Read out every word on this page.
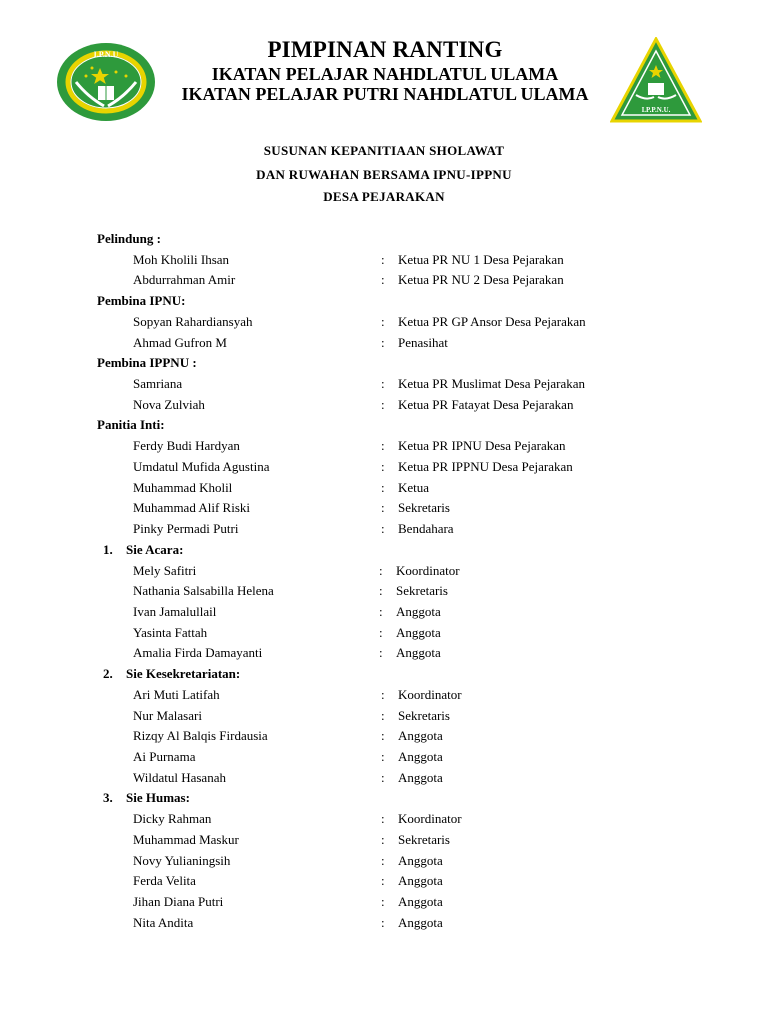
I.P.N.U
I.P.P.N.U.
PIMPINAN RANTING
IKATAN PELAJAR NAHDLATUL ULAMA
IKATAN PELAJAR PUTRI NAHDLATUL ULAMA
SUSUNAN KEPANITIAAN SHOLAWAT
DAN RUWAHAN BERSAMA IPNU-IPPNU
DESA PEJARAKAN
Pelindung :
Moh Kholili Ihsan	: Ketua PR NU 1 Desa Pejarakan
Abdurrahman Amir	: Ketua PR NU 2 Desa Pejarakan
Pembina IPNU:
Sopyan Rahardiansyah	: Ketua PR GP Ansor Desa Pejarakan
Ahmad Gufron M	: Penasihat
Pembina IPPNU :
Samriana	: Ketua PR Muslimat Desa Pejarakan
Nova Zulviah	: Ketua PR Fatayat Desa Pejarakan
Panitia Inti:
Ferdy Budi Hardyan	: Ketua PR IPNU Desa Pejarakan
Umdatul Mufida Agustina	: Ketua PR IPPNU Desa Pejarakan
Muhammad Kholil	: Ketua
Muhammad Alif Riski	: Sekretaris
Pinky Permadi Putri	: Bendahara
1. Sie Acara:
Mely Safitri	: Koordinator
Nathania Salsabilla Helena	: Sekretaris
Ivan Jamalullail	: Anggota
Yasinta Fattah	: Anggota
Amalia Firda Damayanti	: Anggota
2. Sie Kesekretariatan:
Ari Muti Latifah	: Koordinator
Nur Malasari	: Sekretaris
Rizqy Al Balqis Firdausia	: Anggota
Ai Purnama	: Anggota
Wildatul Hasanah	: Anggota
3. Sie Humas:
Dicky Rahman	: Koordinator
Muhammad Maskur	: Sekretaris
Novy Yulianingsih	: Anggota
Ferda Velita	: Anggota
Jihan Diana Putri	: Anggota
Nita Andita	: Anggota
